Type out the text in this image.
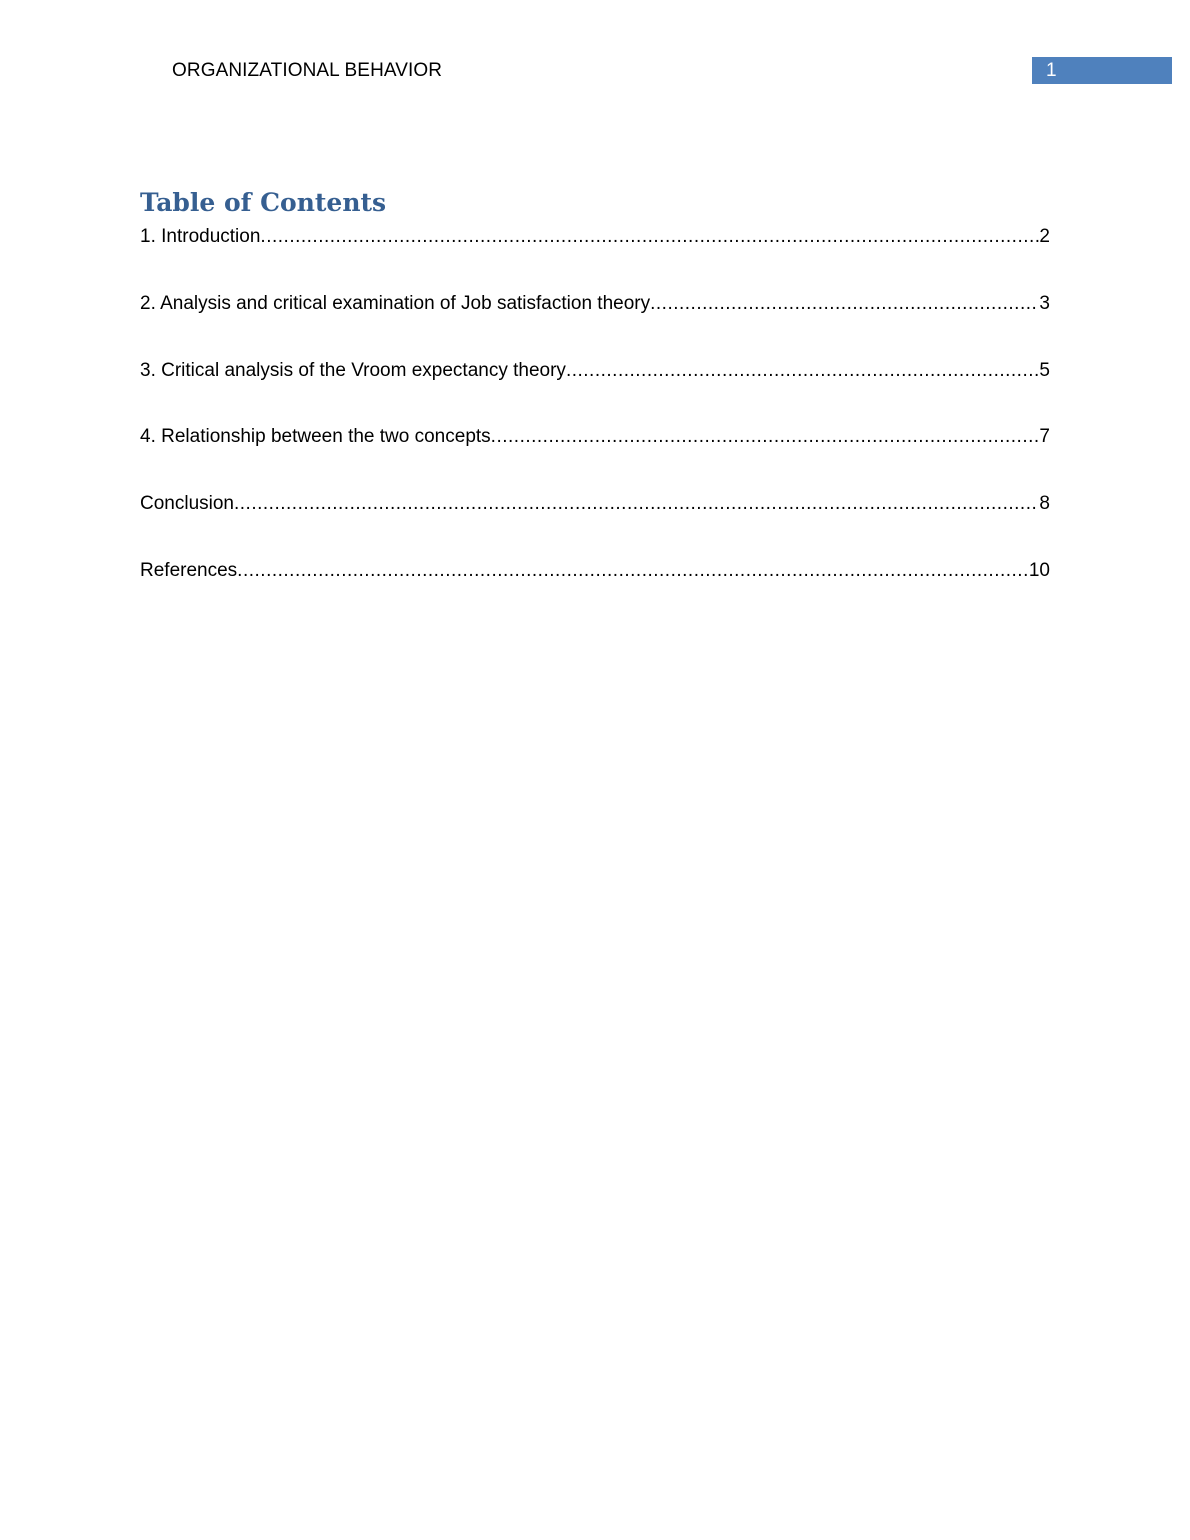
ORGANIZATIONAL BEHAVIOR	1
Table of Contents
1. Introduction .....	2
2. Analysis and critical examination of Job satisfaction theory .....	3
3. Critical analysis of the Vroom expectancy theory .....	5
4. Relationship between the two concepts .....	7
Conclusion .....	8
References .....	10
